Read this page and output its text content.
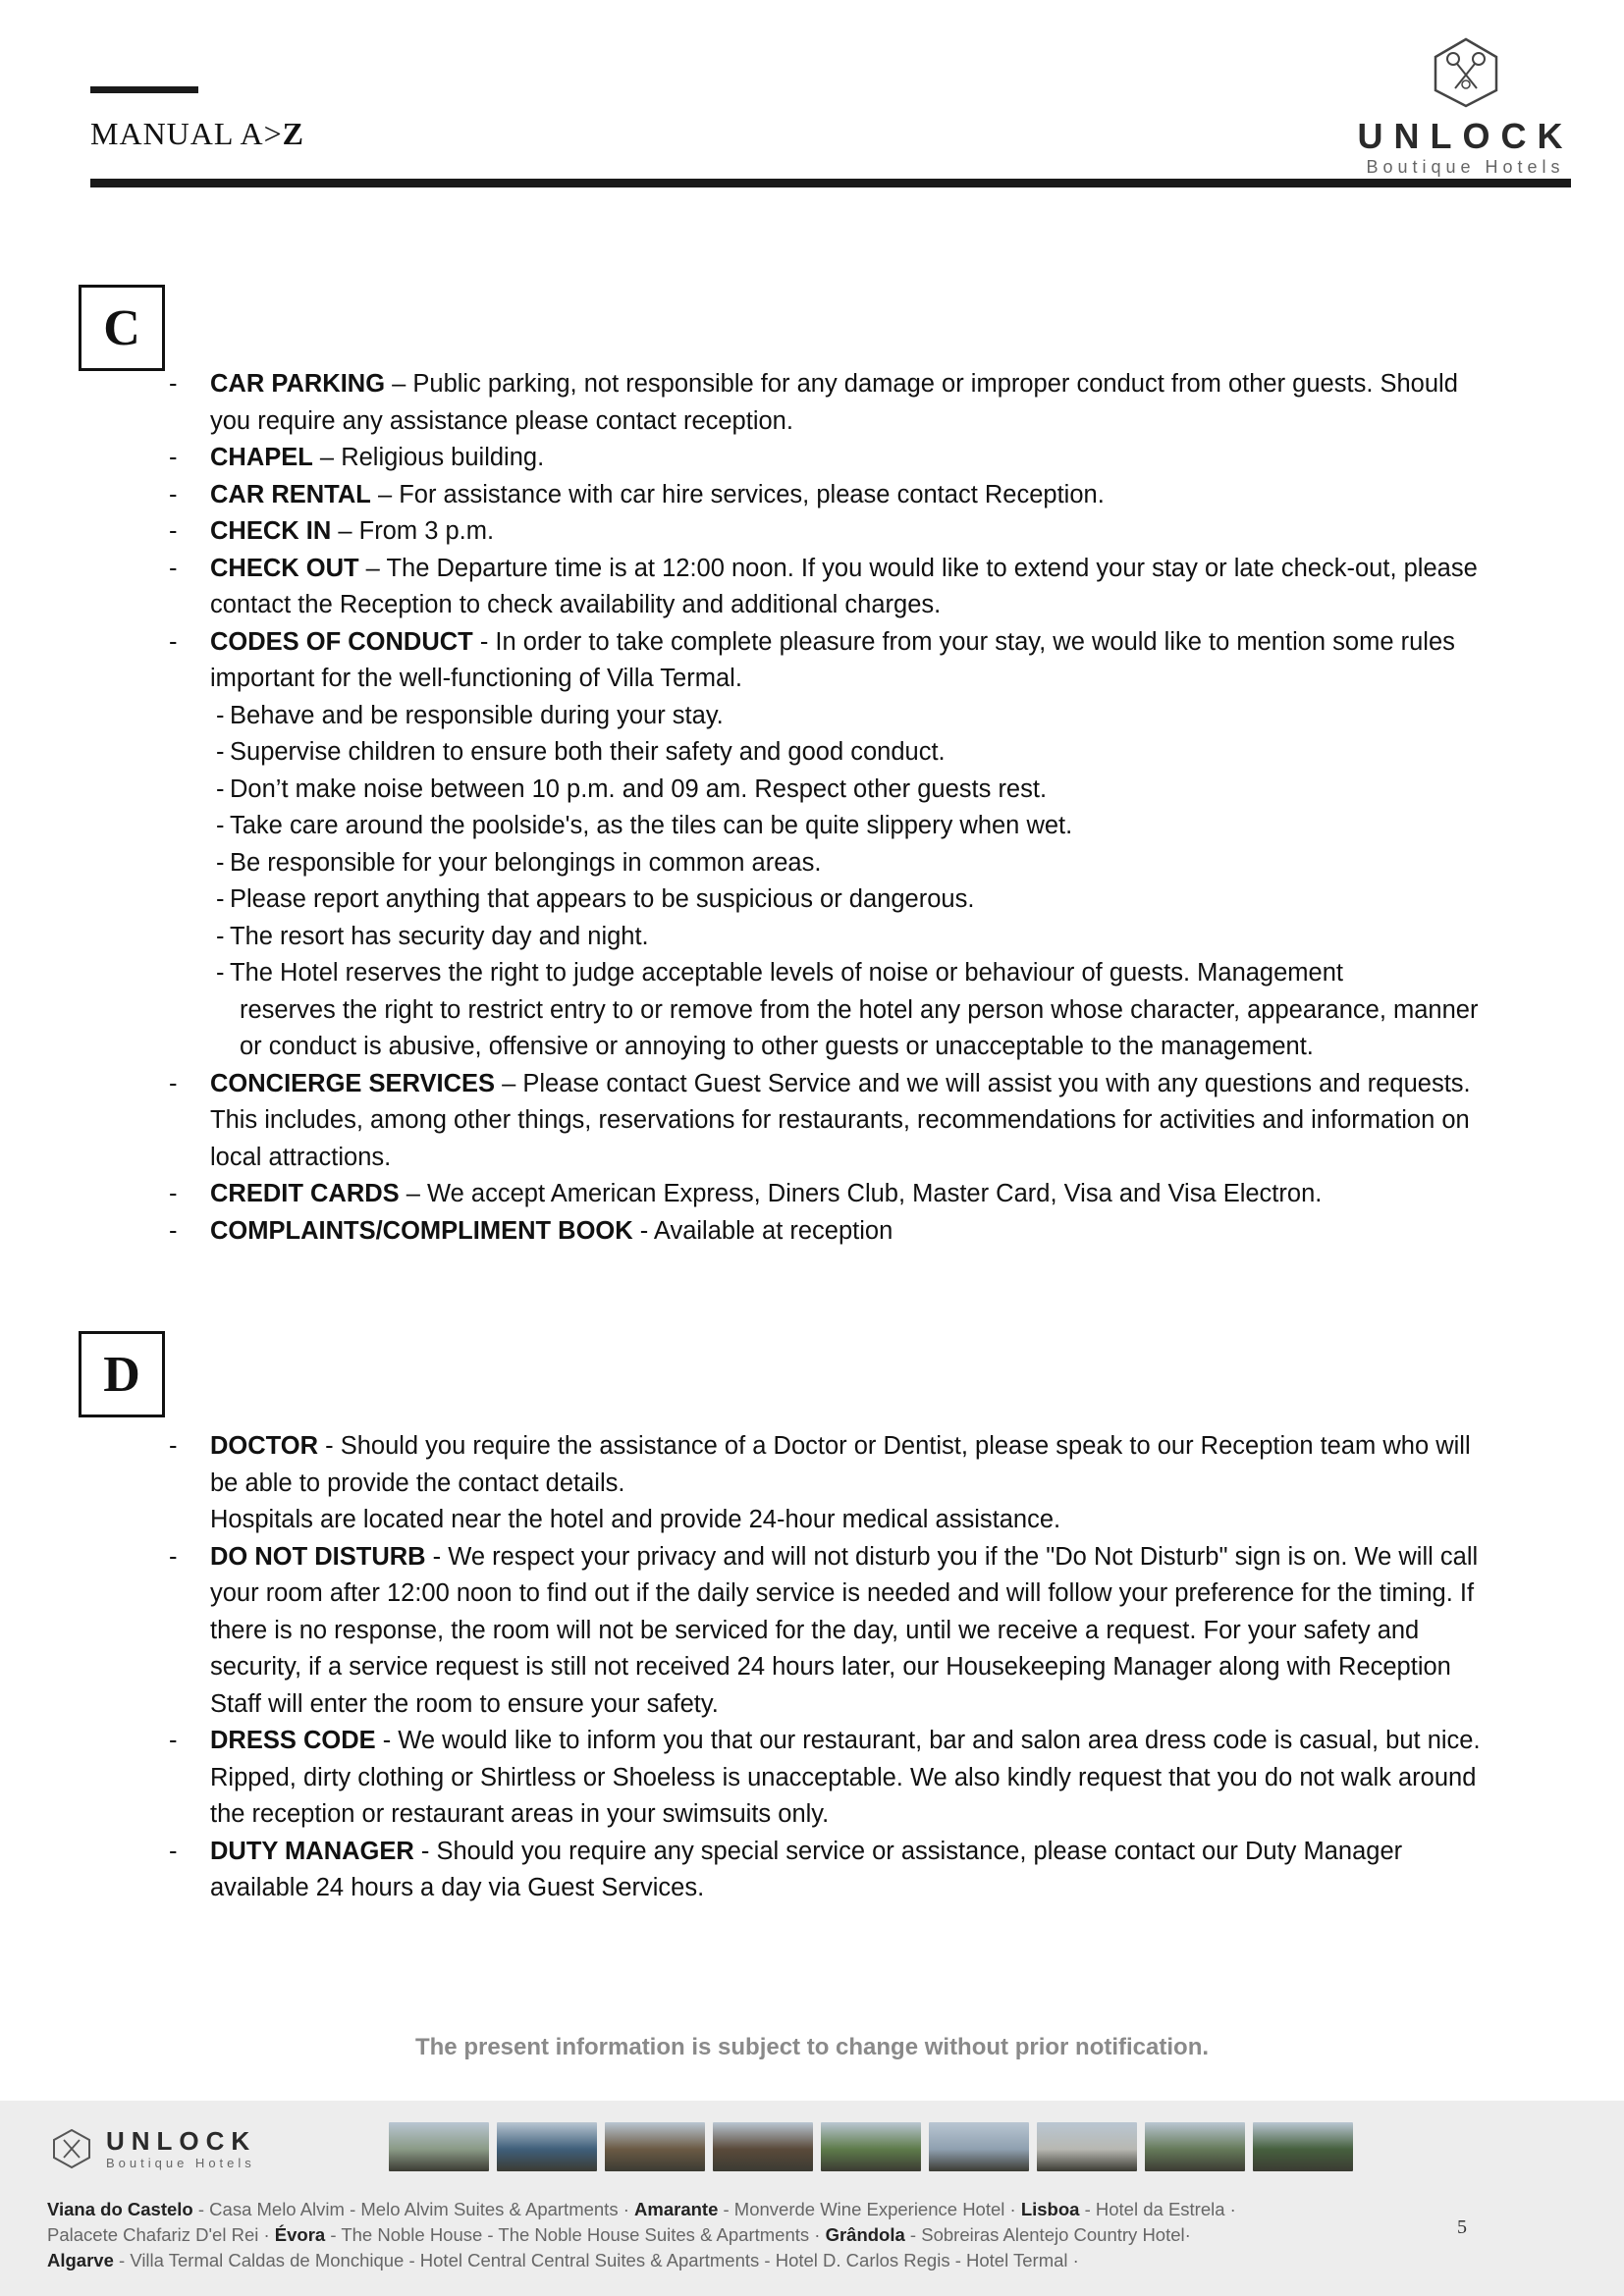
MANUAL A>Z	UNLOCK
Boutique Hotels
C
- CAR PARKING – Public parking, not responsible for any damage or improper conduct from other guests. Should you require any assistance please contact reception.
- CHAPEL – Religious building.
- CAR RENTAL – For assistance with car hire services, please contact Reception.
- CHECK IN – From 3 p.m.
- CHECK OUT – The Departure time is at 12:00 noon. If you would like to extend your stay or late check-out, please contact the Reception to check availability and additional charges.
- CODES OF CONDUCT - In order to take complete pleasure from your stay, we would like to mention some rules important for the well-functioning of Villa Termal.
- Behave and be responsible during your stay.
- Supervise children to ensure both their safety and good conduct.
- Don’t make noise between 10 p.m. and 09 am. Respect other guests rest.
- Take care around the poolside's, as the tiles can be quite slippery when wet.
- Be responsible for your belongings in common areas.
- Please report anything that appears to be suspicious or dangerous.
- The resort has security day and night.
- The Hotel reserves the right to judge acceptable levels of noise or behaviour of guests. Management
reserves the right to restrict entry to or remove from the hotel any person whose character, appearance, manner or conduct is abusive, offensive or annoying to other guests or unacceptable to the management.
- CONCIERGE SERVICES – Please contact Guest Service and we will assist you with any questions and requests. This includes, among other things, reservations for restaurants, recommendations for activities and information on local attractions.
- CREDIT CARDS – We accept American Express, Diners Club, Master Card, Visa and Visa Electron.
- COMPLAINTS/COMPLIMENT BOOK - Available at reception
D
- DOCTOR - Should you require the assistance of a Doctor or Dentist, please speak to our Reception team who will be able to provide the contact details.
Hospitals are located near the hotel and provide 24-hour medical assistance.
- DO NOT DISTURB - We respect your privacy and will not disturb you if the "Do Not Disturb" sign is on. We will call your room after 12:00 noon to find out if the daily service is needed and will follow your preference for the timing. If there is no response, the room will not be serviced for the day, until we receive a request. For your safety and security, if a service request is still not received 24 hours later, our Housekeeping Manager along with Reception Staff will enter the room to ensure your safety.
- DRESS CODE - We would like to inform you that our restaurant, bar and salon area dress code is casual, but nice. Ripped, dirty clothing or Shirtless or Shoeless is unacceptable. We also kindly request that you do not walk around the reception or restaurant areas in your swimsuits only.
- DUTY MANAGER - Should you require any special service or assistance, please contact our Duty Manager available 24 hours a day via Guest Services.
The present information is subject to change without prior notification.
UNLOCK
Boutique Hotels
Viana do Castelo - Casa Melo Alvim - Melo Alvim Suites & Apartments · Amarante - Monverde Wine Experience Hotel · Lisboa - Hotel da Estrela ·
Palacete Chafariz D'el Rei · Évora - The Noble House - The Noble House Suites & Apartments · Grândola - Sobreiras Alentejo Country Hotel·
Algarve - Villa Termal Caldas de Monchique - Hotel Central Central Suites & Apartments - Hotel D. Carlos Regis - Hotel Termal ·
5
